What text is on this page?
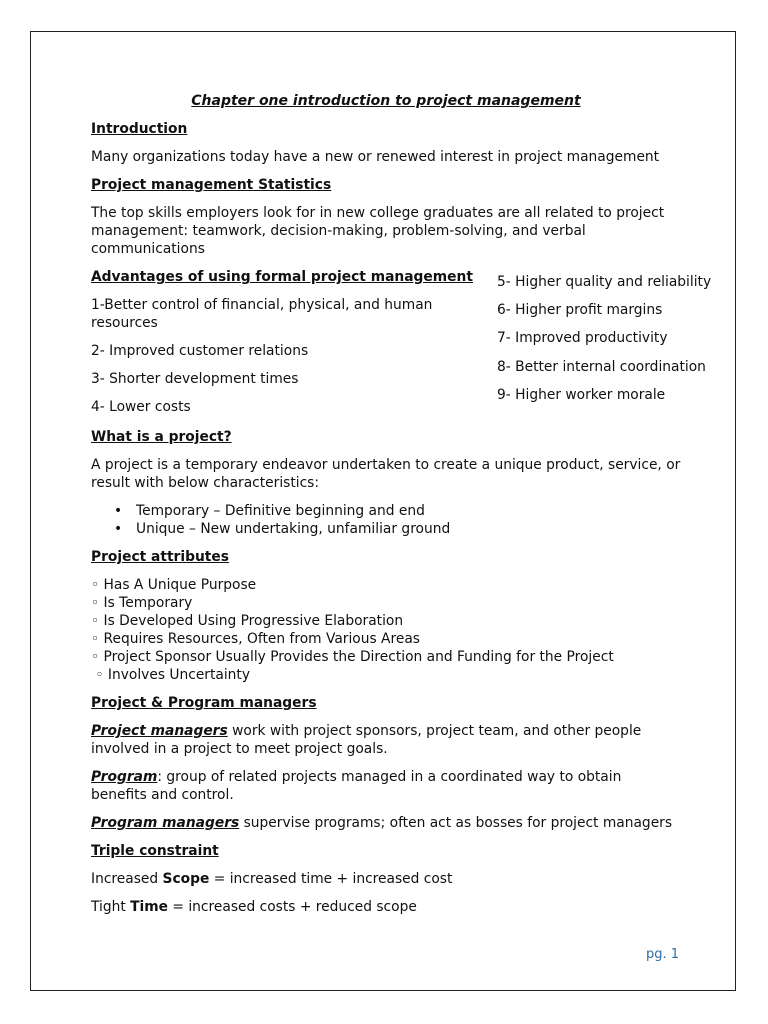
Chapter one introduction to project management
Introduction
Many organizations today have a new or renewed interest in project management
Project management Statistics
The top skills employers look for in new college graduates are all related to project management: teamwork, decision-making, problem-solving, and verbal communications
Advantages of using formal project management
1-Better control of financial, physical, and human resources
2- Improved customer relations
3- Shorter development times
4- Lower costs
5- Higher quality and reliability
6- Higher profit margins
7- Improved productivity
8- Better internal coordination
9- Higher worker morale
What is a project?
A project is a temporary endeavor undertaken to create a unique product, service, or result with below characteristics:
• Temporary – Definitive beginning and end
• Unique – New undertaking, unfamiliar ground
Project attributes
◦ Has A Unique Purpose
◦ Is Temporary
◦ Is Developed Using Progressive Elaboration
◦ Requires Resources, Often from Various Areas
◦ Project Sponsor Usually Provides the Direction and Funding for the Project
◦ Involves Uncertainty
Project & Program managers
Project managers work with project sponsors, project team, and other people involved in a project to meet project goals.
Program: group of related projects managed in a coordinated way to obtain benefits and control.
Program managers supervise programs; often act as bosses for project managers
Triple constraint
Increased Scope = increased time + increased cost
Tight Time = increased costs + reduced scope
pg. 1
